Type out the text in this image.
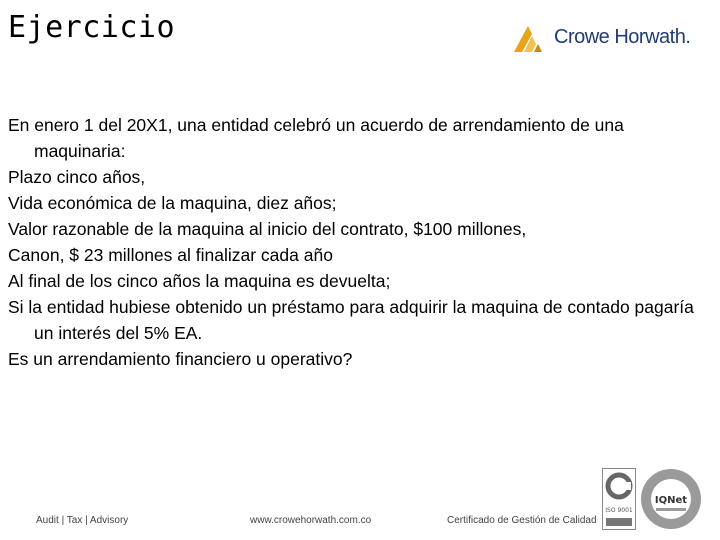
Ejercicio	Crowe Horwath.

En enero 1 del 20X1, una entidad celebró un acuerdo de arrendamiento de una maquinaria:

Plazo cinco años,

Vida económica de la maquina, diez años;

Valor razonable de la maquina al inicio del contrato, $100 millones,

Canon, $ 23 millones al finalizar cada año

Al final de los cinco años la maquina es devuelta;

Si la entidad hubiese obtenido un préstamo para adquirir la maquina de contado pagaría un interés del 5% EA.

Es un arrendamiento financiero u operativo?

Audit | Tax | Advisory	www.crowehorwath.com.co	Certificado de Gestión de Calidad
ISO 9001
IQNet
